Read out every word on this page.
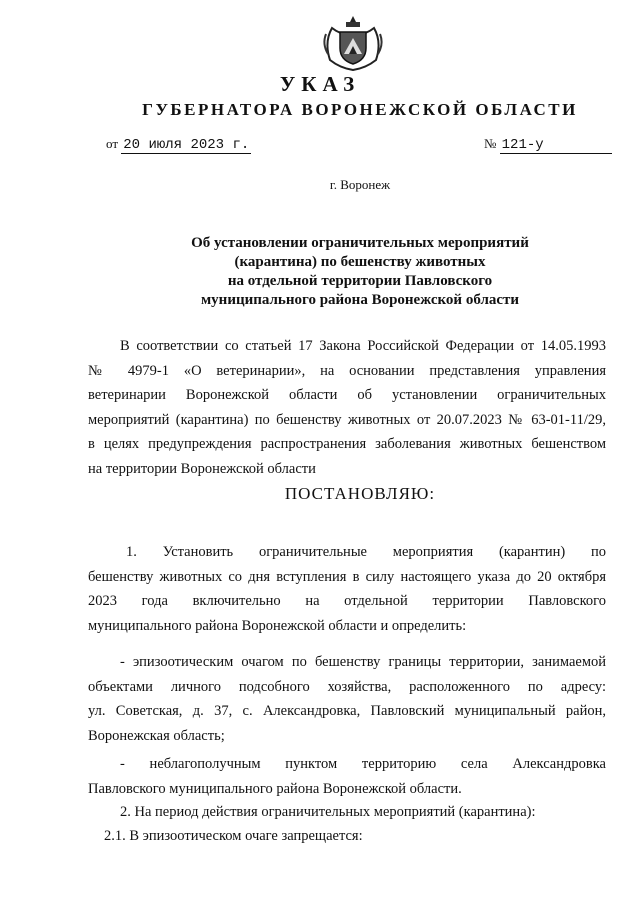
УКАЗ
ГУБЕРНАТОРА ВОРОНЕЖСКОЙ ОБЛАСТИ
от 20 июля 2023 г.	№ 121-у
г. Воронеж
Об установлении ограничительных мероприятий
(карантина) по бешенству животных
на отдельной территории Павловского
муниципального района Воронежской области
В соответствии со статьей 17 Закона Российской Федерации от 14.05.1993
№ 4979-1 «О ветеринарии», на основании представления управления
ветеринарии Воронежской области об установлении ограничительных
мероприятий (карантина) по бешенству животных от 20.07.2023 № 63-01-11/29,
в целях предупреждения распространения заболевания животных бешенством
на территории Воронежской области
ПОСТАНОВЛЯЮ:
1. Установить ограничительные мероприятия (карантин) по
бешенству животных со дня вступления в силу настоящего указа до 20 октября
2023 года включительно на отдельной территории Павловского
муниципального района Воронежской области и определить:
- эпизоотическим очагом по бешенству границы территории, занимаемой
объектами личного подсобного хозяйства, расположенного по адресу:
ул. Советская, д. 37, с. Александровка, Павловский муниципальный район,
Воронежская область;
- неблагополучным пунктом территорию села Александровка
Павловского муниципального района Воронежской области.
2. На период действия ограничительных мероприятий (карантина):
2.1. В эпизоотическом очаге запрещается:
